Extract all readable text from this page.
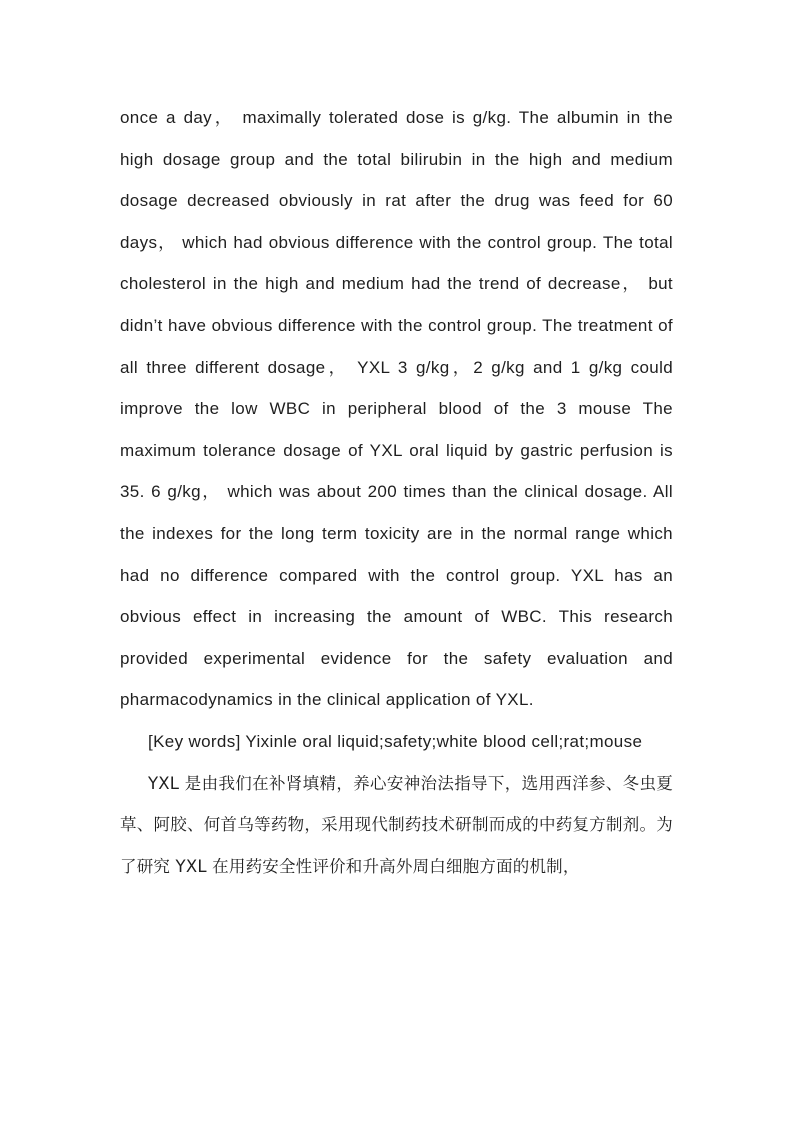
once a day， maximally tolerated dose is g/kg. The albumin in the high dosage group and the total bilirubin in the high and medium dosage decreased obviously in rat after the drug was feed for 60 days， which had obvious difference with the control group. The total cholesterol in the high and medium had the trend of decrease， but didn’t have obvious difference with the control group. The treatment of all three different dosage， YXL 3 g/kg，2 g/kg and 1 g/kg could improve the low WBC in peripheral blood of the 3 mouse The maximum tolerance dosage of YXL oral liquid by gastric perfusion is 35. 6 g/kg， which was about 200 times than the clinical dosage. All the indexes for the long term toxicity are in the normal range which had no difference compared with the control group. YXL has an obvious effect in increasing the amount of WBC. This research provided experimental evidence for the safety evaluation and pharmacodynamics in the clinical application of YXL.

[Key words] Yixinle oral liquid;safety;white blood cell;rat;mouse

YXL 是由我们在补肾填精，养心安神治法指导下，选用西洋参、冬虫夏草、阿胶、何首乌等药物，采用现代制药技术研制而成的中药复方制剂。为了研究 YXL 在用药安全性评价和升高外周白细胞方面的机制，
